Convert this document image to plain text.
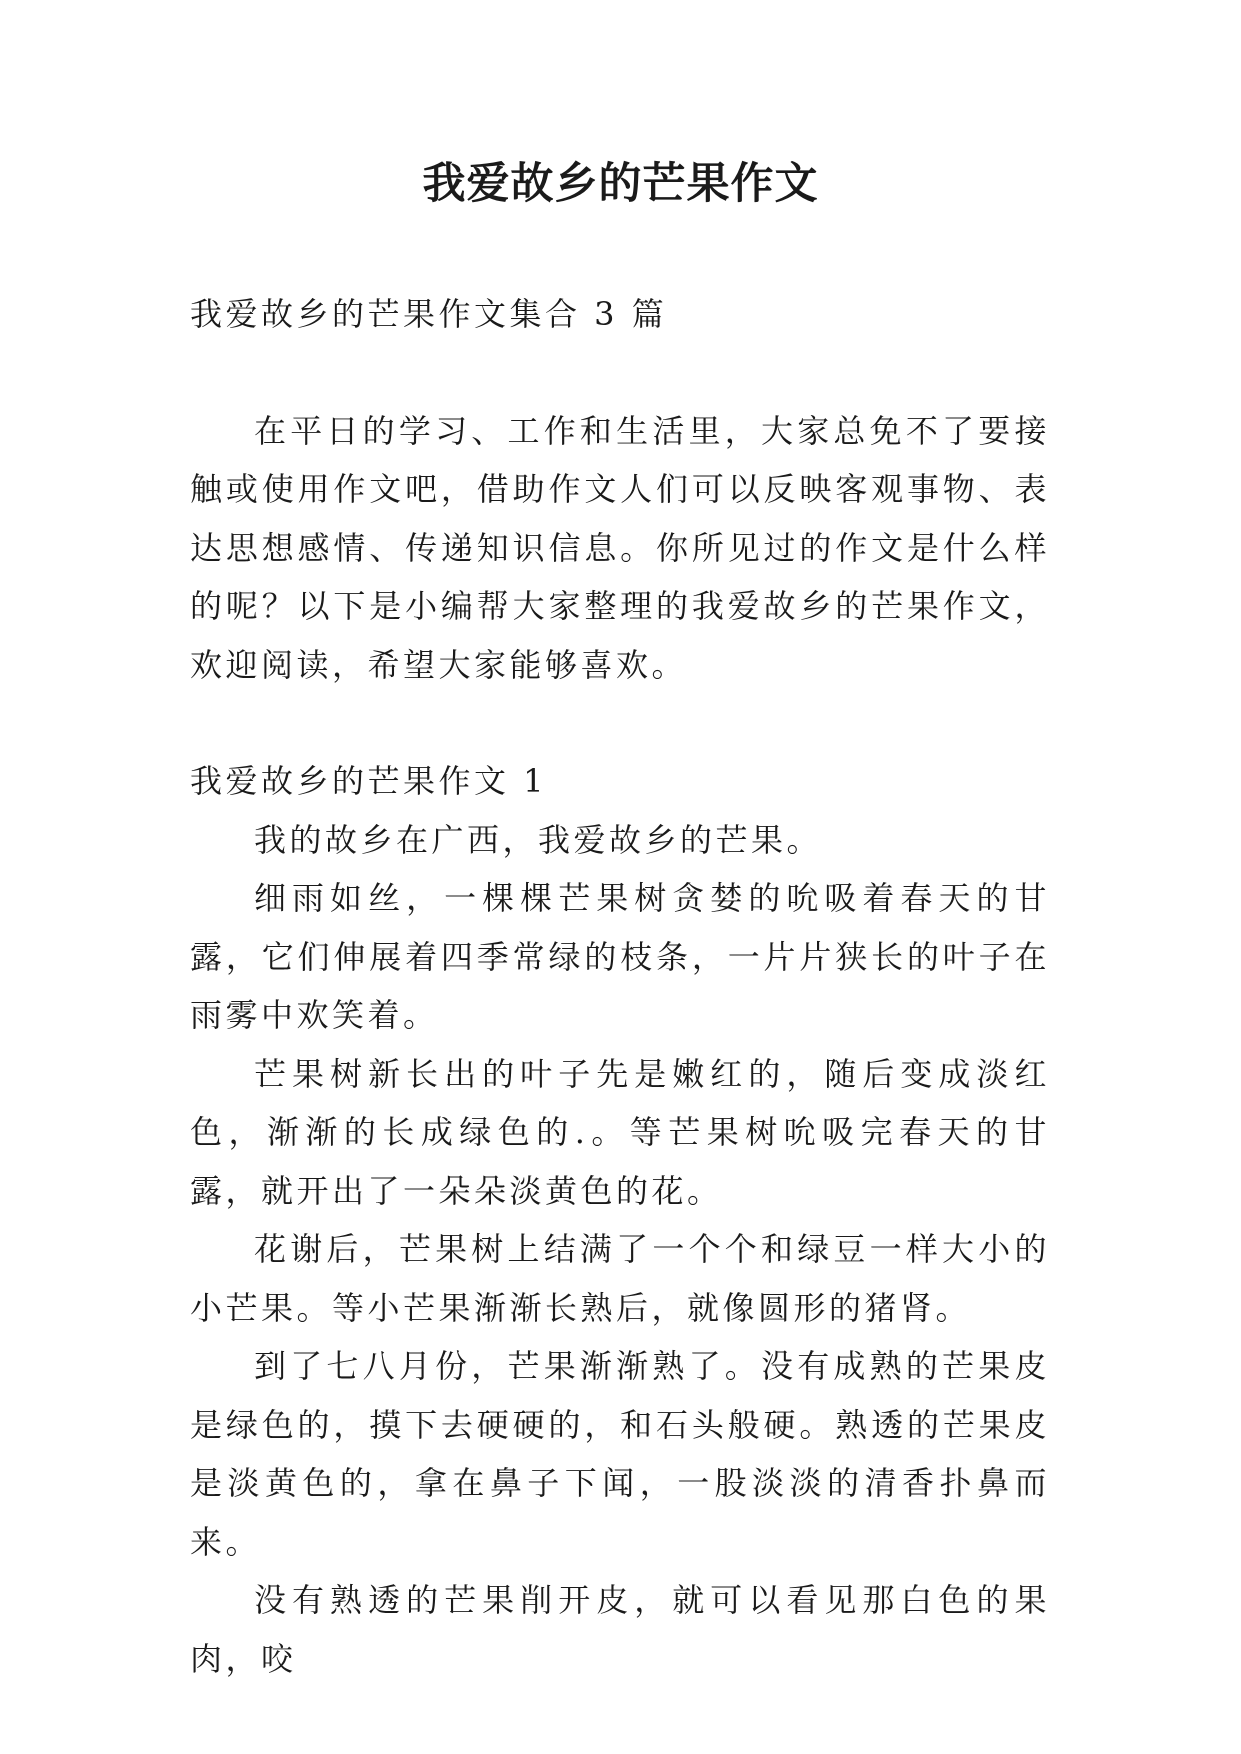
我爱故乡的芒果作文

我爱故乡的芒果作文集合 3 篇

在平日的学习、工作和生活里，大家总免不了要接触或使用作文吧，借助作文人们可以反映客观事物、表达思想感情、传递知识信息。你所见过的作文是什么样的呢？以下是小编帮大家整理的我爱故乡的芒果作文，欢迎阅读，希望大家能够喜欢。

我爱故乡的芒果作文 1

我的故乡在广西，我爱故乡的芒果。

细雨如丝，一棵棵芒果树贪婪的吮吸着春天的甘露，它们伸展着四季常绿的枝条，一片片狭长的叶子在雨雾中欢笑着。

芒果树新长出的叶子先是嫩红的，随后变成淡红色，渐渐的长成绿色的.。等芒果树吮吸完春天的甘露，就开出了一朵朵淡黄色的花。

花谢后，芒果树上结满了一个个和绿豆一样大小的小芒果。等小芒果渐渐长熟后，就像圆形的猪肾。

到了七八月份，芒果渐渐熟了。没有成熟的芒果皮是绿色的，摸下去硬硬的，和石头般硬。熟透的芒果皮是淡黄色的，拿在鼻子下闻，一股淡淡的清香扑鼻而来。

没有熟透的芒果削开皮，就可以看见那白色的果肉，咬
